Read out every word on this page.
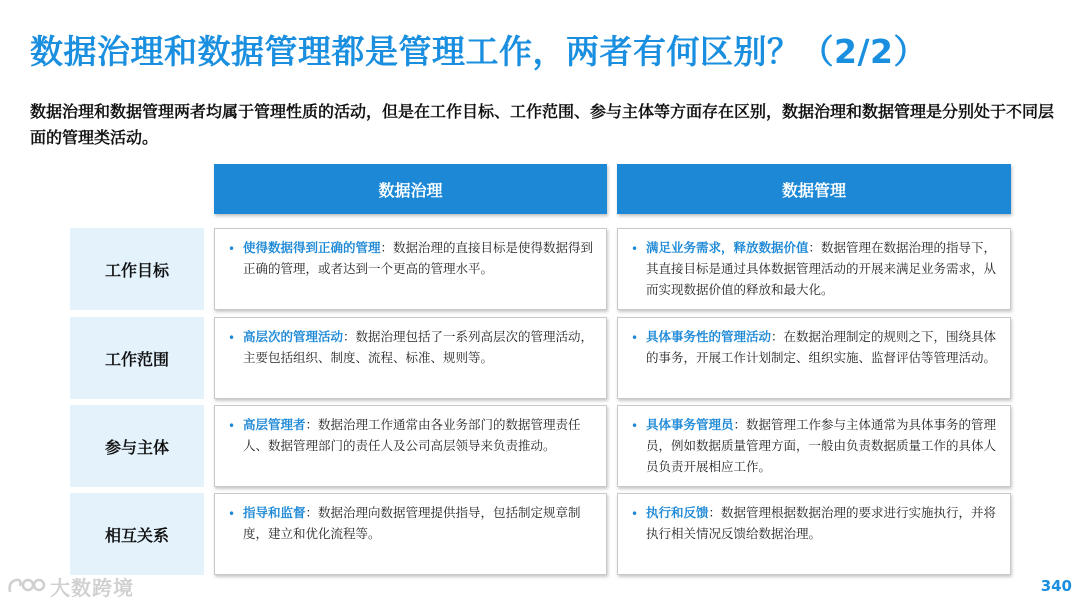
数据治理和数据管理都是管理工作，两者有何区别？（2/2）
数据治理和数据管理两者均属于管理性质的活动，但是在工作目标、工作范围、参与主体等方面存在区别，数据治理和数据管理是分别处于不同层面的管理类活动。
数据治理	数据管理
工作目标
• 使得数据得到正确的管理：数据治理的直接目标是使得数据得到正确的管理，或者达到一个更高的管理水平。
• 满足业务需求，释放数据价值：数据管理在数据治理的指导下，其直接目标是通过具体数据管理活动的开展来满足业务需求，从而实现数据价值的释放和最大化。
工作范围
• 高层次的管理活动：数据治理包括了一系列高层次的管理活动，主要包括组织、制度、流程、标准、规则等。
• 具体事务性的管理活动：在数据治理制定的规则之下，围绕具体的事务，开展工作计划制定、组织实施、监督评估等管理活动。
参与主体
• 高层管理者：数据治理工作通常由各业务部门的数据管理责任人、数据管理部门的责任人及公司高层领导来负责推动。
• 具体事务管理员：数据管理工作参与主体通常为具体事务的管理员，例如数据质量管理方面，一般由负责数据质量工作的具体人员负责开展相应工作。
相互关系
• 指导和监督：数据治理向数据管理提供指导，包括制定规章制度，建立和优化流程等。
• 执行和反馈：数据管理根据数据治理的要求进行实施执行，并将执行相关情况反馈给数据治理。
大数跨境	340
